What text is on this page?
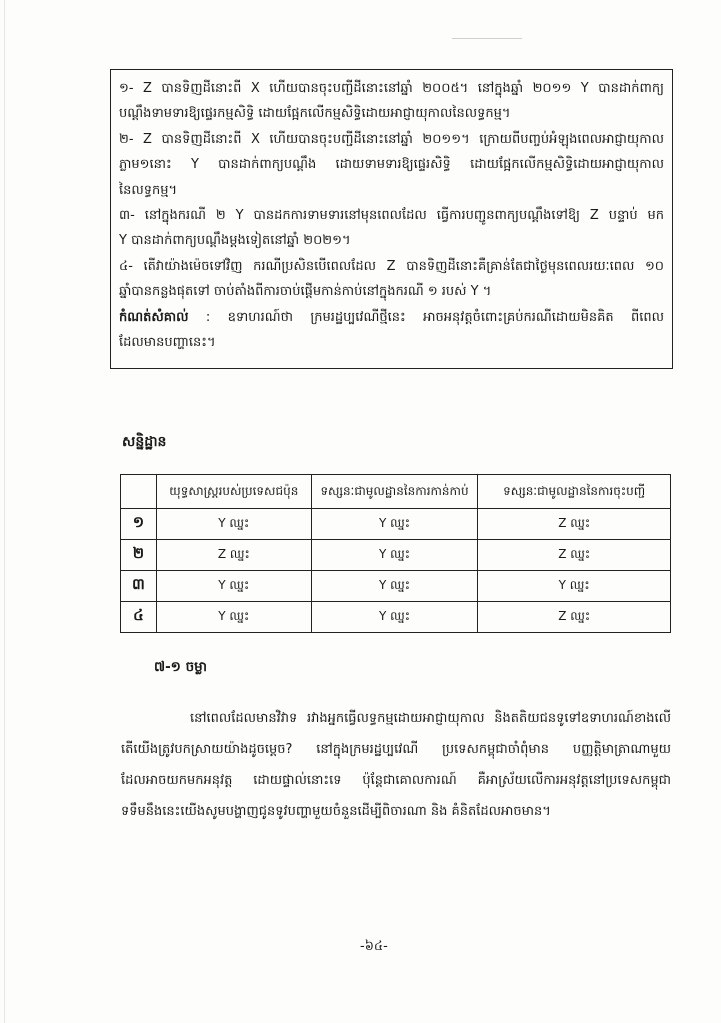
១- Z បានទិញដីនោះពី X ហើយបានចុះបញ្ជីដីនោះនៅឆ្នាំ ២០០៥។ នៅក្នុងឆ្នាំ ២០១១ Y បានដាក់ពាក្យ

បណ្តឹងទាមទារឱ្យផ្ទេរកម្មសិទ្ធិ ដោយផ្អែកលើកម្មសិទ្ធិដោយអាជ្ញាយុកាលនៃលទ្ធកម្ម។

២- Z បានទិញដីនោះពី X ហើយបានចុះបញ្ជីដីនោះនៅឆ្នាំ ២០១១។ ក្រោយពីបញ្ចប់អំឡុងពេលអាជ្ញាយុកាល

ភ្លាម១នោះ Y បានដាក់ពាក្យបណ្តឹង ដោយទាមទារឱ្យផ្ទេរសិទ្ធិ ដោយផ្អែកលើកម្មសិទ្ធិដោយអាជ្ញាយុកាល

នៃលទ្ធកម្ម។

៣- នៅក្នុងករណី ២ Y បានដកការទាមទារនៅមុនពេលដែល ធ្វើការបញ្ជូនពាក្យបណ្តឹងទៅឱ្យ Z បន្ទាប់ មក

Y បានដាក់ពាក្យបណ្តឹងម្តងទៀតនៅឆ្នាំ ២០២១។

៤- តើវាយ៉ាងម៉េចទៅវិញ ករណីប្រសិនបើពេលដែល Z បានទិញដីនោះគឺគ្រាន់តែជាថ្ងៃមុនពេលរយៈពេល ១០

ឆ្នាំបានកន្លងផុតទៅ ចាប់តាំងពីការចាប់ផ្តើមកាន់កាប់នៅក្នុងករណី ១ របស់ Y ។

កំណត់សំគាល់ : ឧទាហរណ៍ថា ក្រមរដ្ឋប្បវេណីថ្មីនេះ អាចអនុវត្តចំពោះគ្រប់ករណីដោយមិនគិត ពីពេល

ដែលមានបញ្ហានេះ។

សន្និដ្ឋាន
	យុទ្ធសាស្រ្តរបស់ប្រទេសជប៉ុន	ទស្សនៈជាមូលដ្ឋាននៃការកាន់កាប់	ទស្សនៈជាមូលដ្ឋាននៃការចុះបញ្ជី
១	Y ឈ្នះ	Y ឈ្នះ	Z ឈ្នះ
២	Z ឈ្នះ	Y ឈ្នះ	Z ឈ្នះ
៣	Y ឈ្នះ	Y ឈ្នះ	Y ឈ្នះ
៤	Y ឈ្នះ	Y ឈ្នះ	Z ឈ្នះ
៧-១ ចម្លា

នៅពេលដែលមានវិវាទ រវាងអ្នកធ្វើលទ្ធកម្មដោយអាជ្ញាយុកាល និងតតិយជនទូទៅឧទាហរណ៍ខាងលើ

តើយើងត្រូវបកស្រាយយ៉ាងដូចម្តេច? នៅក្នុងក្រមរដ្ឋប្បវេណី ប្រទេសកម្ពុជាចាំពុំមាន បញ្ញត្តិមាត្រាណាមួយ

ដែលអាចយកមកអនុវត្ត ដោយផ្ទាល់នោះទេ ប៉ុន្តែជាគោលការណ៍ គឺអាស្រ័យលើការអនុវត្តនៅប្រទេសកម្ពុជា

ទទឹមនឹងនេះយើងសូមបង្ហាញជូនទូវបញ្ហាមួយចំនួនដើម្បីពិចារណា និង គំនិតដែលអាចមាន។

-៦៤-
